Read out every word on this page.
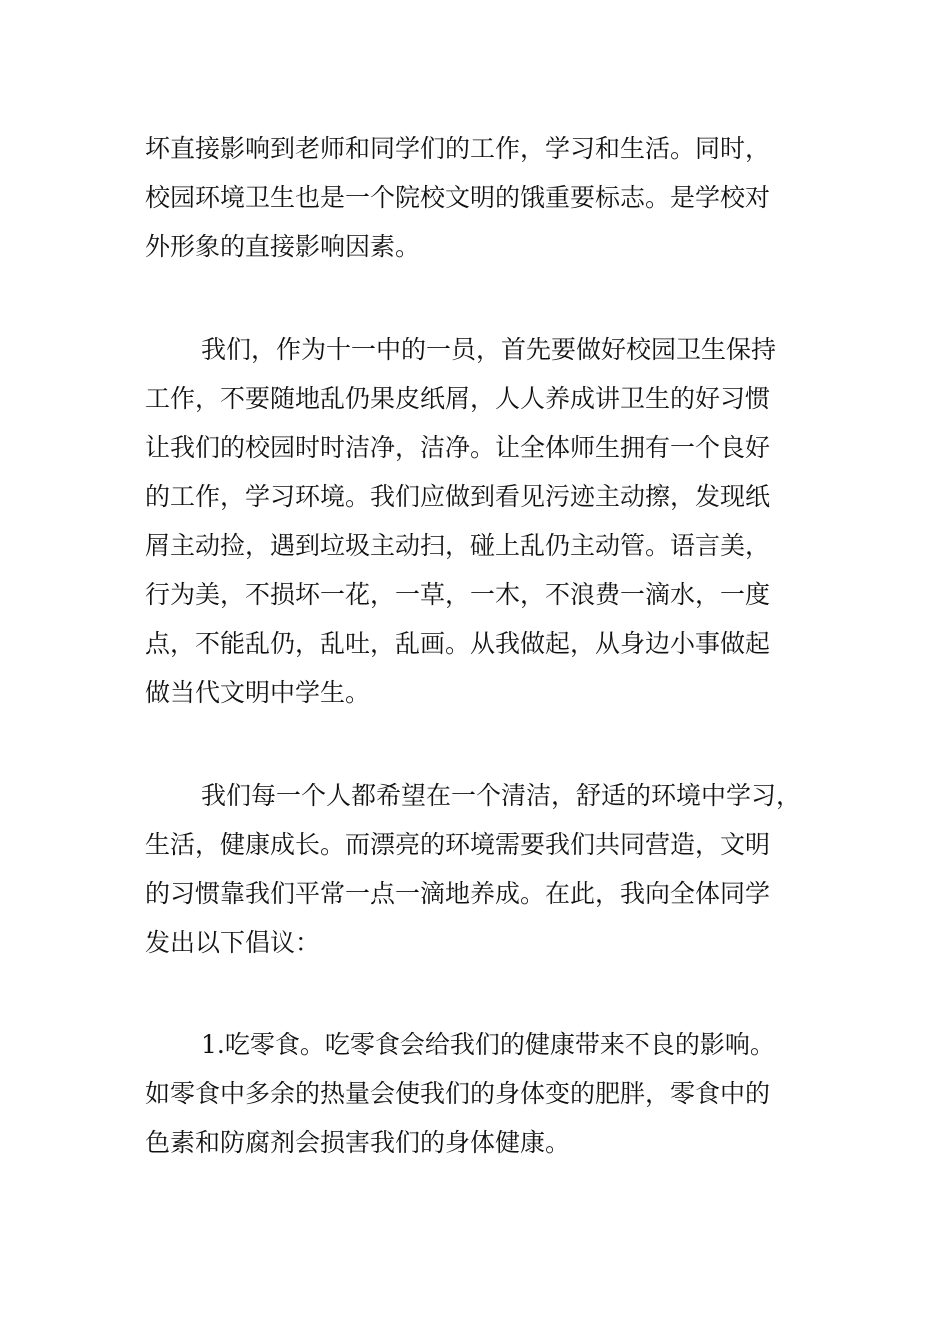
坏直接影响到老师和同学们的工作，学习和生活。同时，
校园环境卫生也是一个院校文明的饿重要标志。是学校对
外形象的直接影响因素。
我们，作为十一中的一员，首先要做好校园卫生保持
工作，不要随地乱仍果皮纸屑，人人养成讲卫生的好习惯
让我们的校园时时洁净，洁净。让全体师生拥有一个良好
的工作，学习环境。我们应做到看见污迹主动擦，发现纸
屑主动捡，遇到垃圾主动扫，碰上乱仍主动管。语言美，
行为美，不损坏一花，一草，一木，不浪费一滴水，一度
点，不能乱仍，乱吐，乱画。从我做起，从身边小事做起
做当代文明中学生。
我们每一个人都希望在一个清洁，舒适的环境中学习，
生活，健康成长。而漂亮的环境需要我们共同营造，文明
的习惯靠我们平常一点一滴地养成。在此，我向全体同学
发出以下倡议：
1.吃零食。吃零食会给我们的健康带来不良的影响。
如零食中多余的热量会使我们的身体变的肥胖，零食中的
色素和防腐剂会损害我们的身体健康。
